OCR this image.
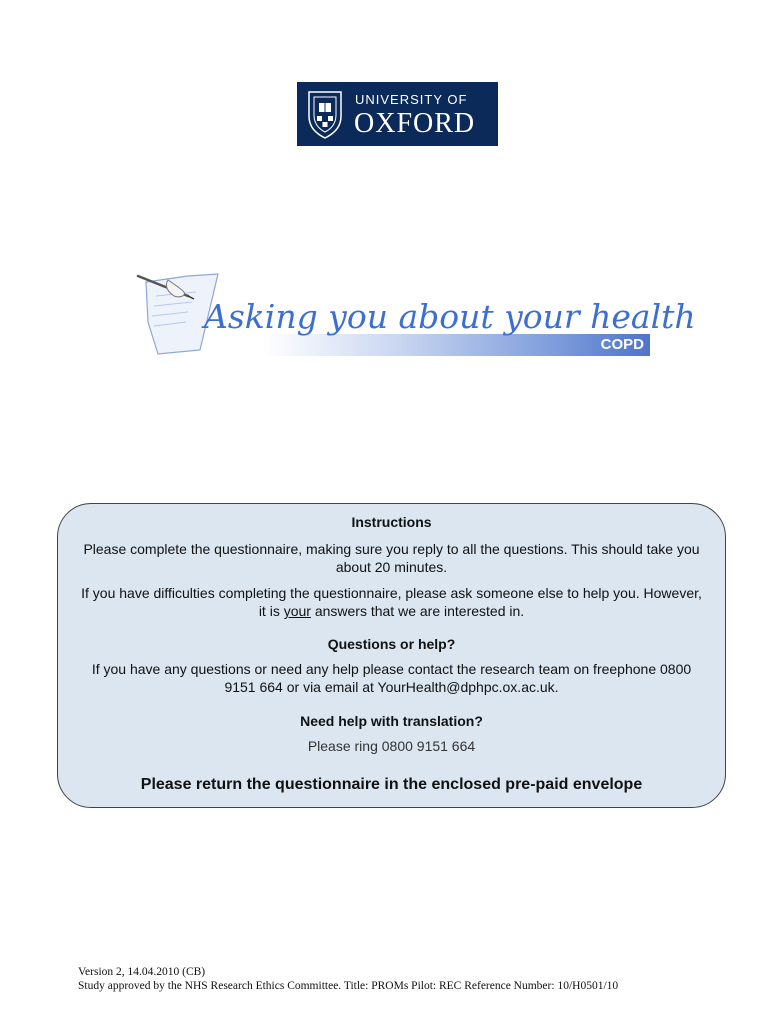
UNIVERSITY OF
OXFORD
Asking you about your health
COPD

Instructions

Please complete the questionnaire, making sure you reply to all the questions. This should take you about 20 minutes.

If you have difficulties completing the questionnaire, please ask someone else to help you. However, it is your answers that we are interested in.

Questions or help?

If you have any questions or need any help please contact the research team on freephone 0800 9151 664 or via email at YourHealth@dphpc.ox.ac.uk.

Need help with translation?

Please ring 0800 9151 664

Please return the questionnaire in the enclosed pre-paid envelope

Version 2, 14.04.2010 (CB)
Study approved by the NHS Research Ethics Committee. Title: PROMs Pilot: REC Reference Number: 10/H0501/10
